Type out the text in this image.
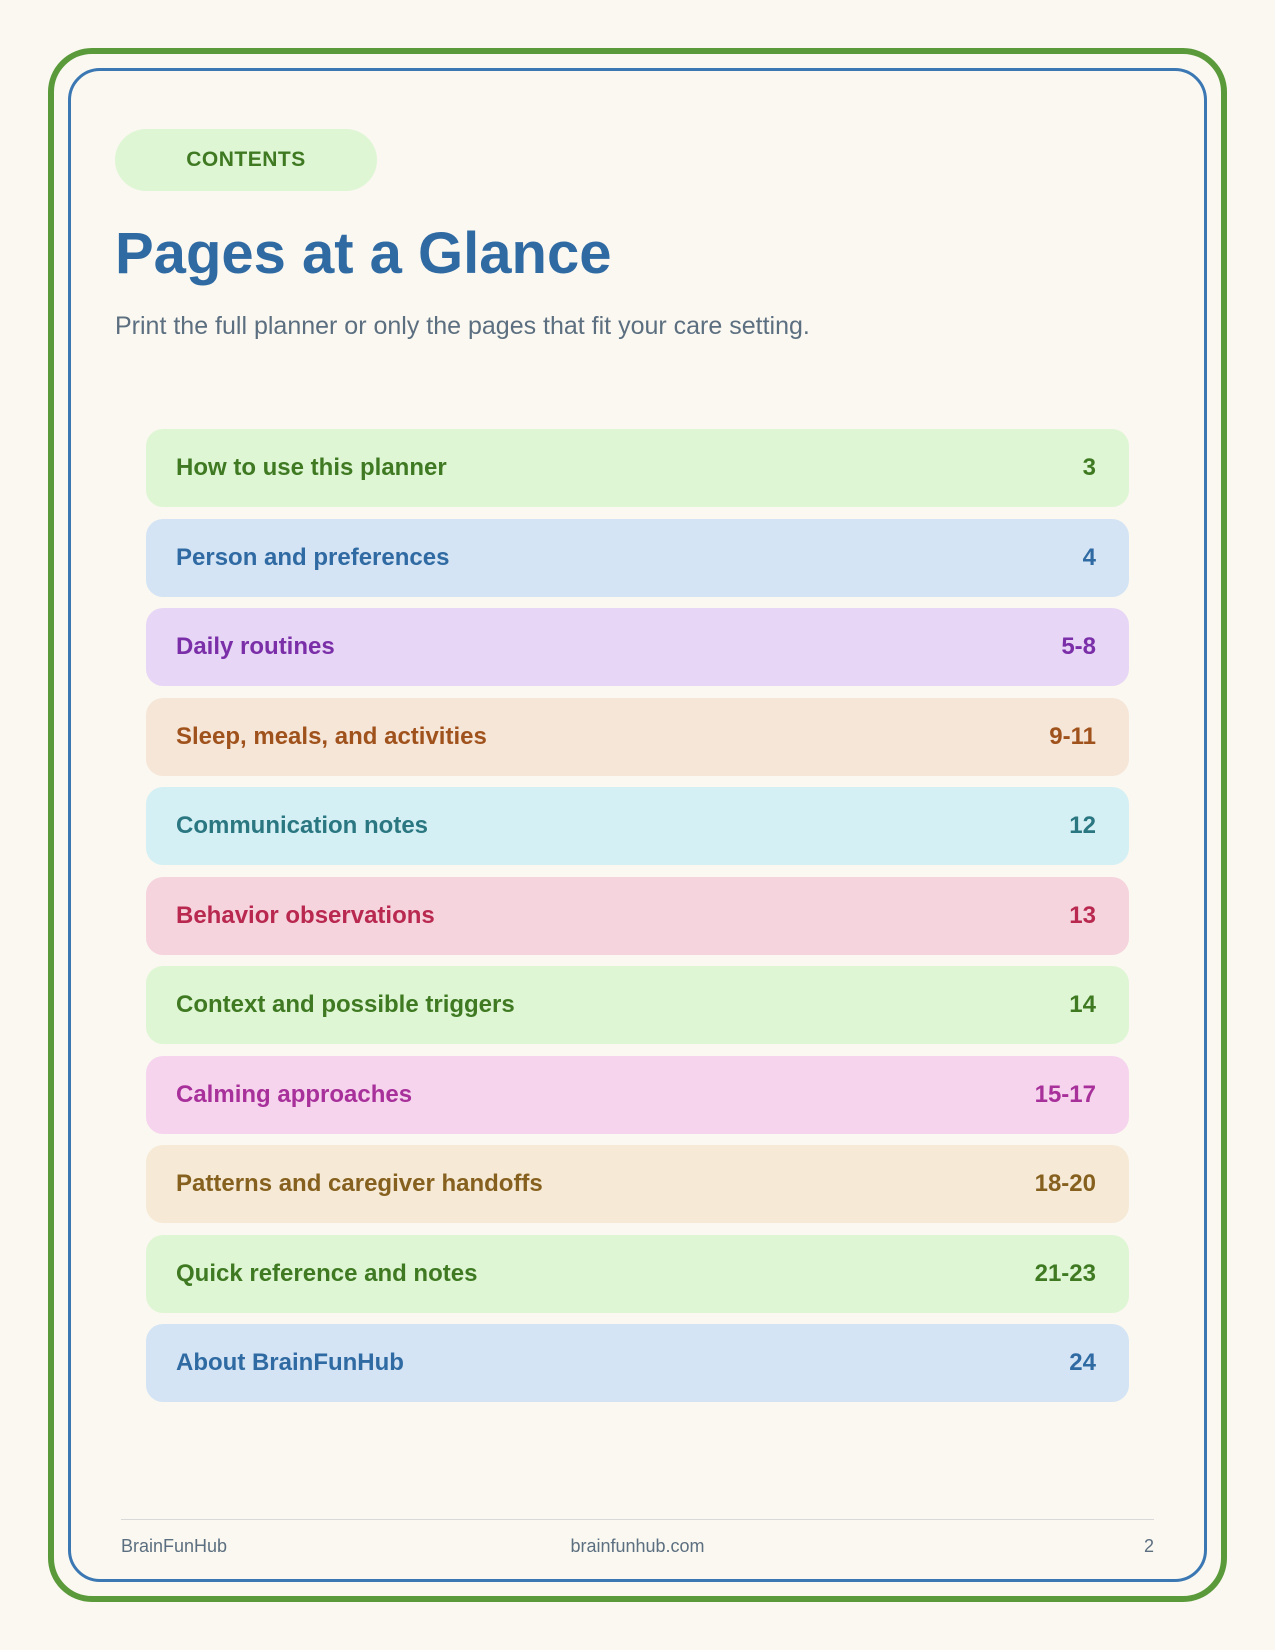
CONTENTS
Pages at a Glance

Print the full planner or only the pages that fit your care setting.

How to use this planner	3
Person and preferences	4
Daily routines	5-8
Sleep, meals, and activities	9-11
Communication notes	12
Behavior observations	13
Context and possible triggers	14
Calming approaches	15-17
Patterns and caregiver handoffs	18-20
Quick reference and notes	21-23
About BrainFunHub	24
BrainFunHub	brainfunhub.com	2
